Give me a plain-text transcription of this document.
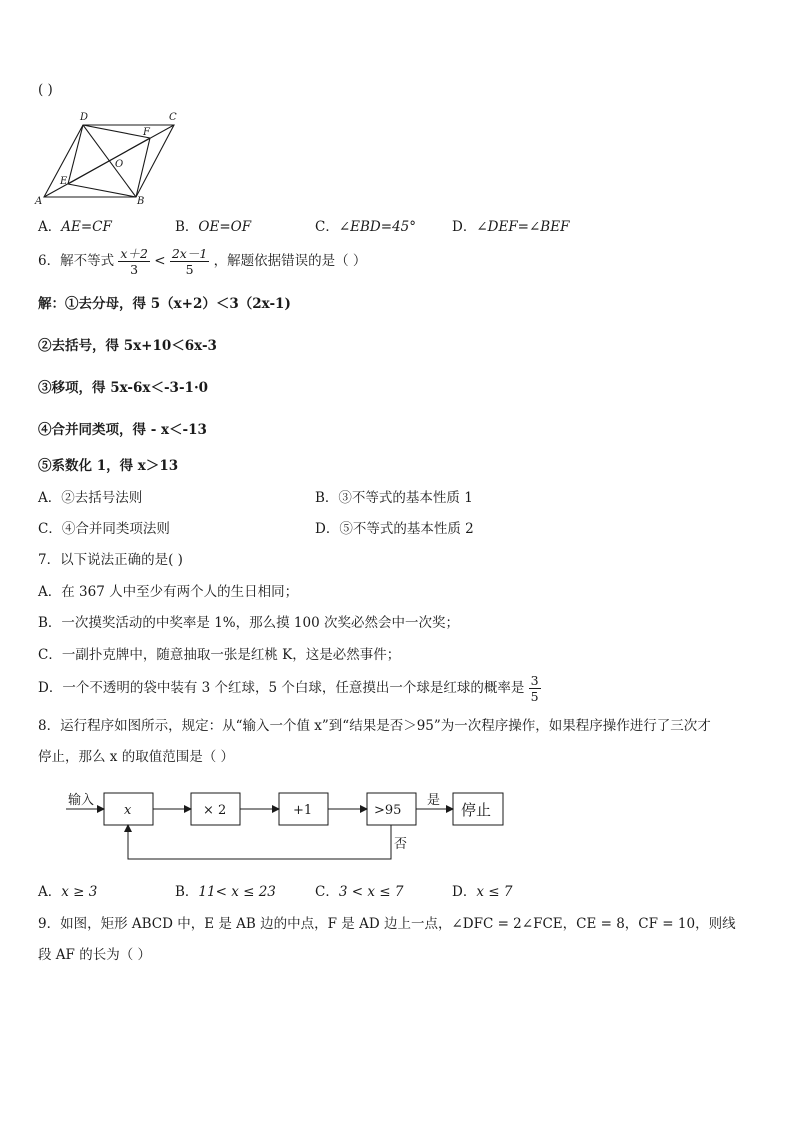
( )
A	B
C
D
E
F
O
A．AE=CF	B．OE=OF	C．∠EBD=45°	D．∠DEF=∠BEF
6．解不等式 $\frac{x+2}{3} < \frac{2x-1}{5}$ ，解题依据错误的是（ ）
解：①去分母，得 5（x+2）＜3（2x-1)
②去括号，得 5x+10＜6x-3
③移项，得 5x-6x＜-3-1·0
④合并同类项，得 - x＜-13
⑤系数化 1，得 x＞13
A．②去括号法则	B．③不等式的基本性质 1
C．④合并同类项法则	D．⑤不等式的基本性质 2
7．以下说法正确的是( )
A．在 367 人中至少有两个人的生日相同；
B．一次摸奖活动的中奖率是 1%，那么摸 100 次奖必然会中一次奖；
C．一副扑克牌中，随意抽取一张是红桃 K，这是必然事件；
D．一个不透明的袋中装有 3 个红球，5 个白球，任意摸出一个球是红球的概率是 $\frac{3}{5}$
8．运行程序如图所示，规定：从“输入一个值 x”到“结果是否＞95”为一次程序操作，如果程序操作进行了三次才
停止，那么 x 的取值范围是（ ）
输入
x	× 2	+1	>95
是
停止
否
A．x ≥ 3	B．11< x ≤ 23	C．3 < x ≤ 7	D．x ≤ 7
9．如图，矩形 ABCD 中，E 是 AB 边的中点，F 是 AD 边上一点，∠DFC = 2∠FCE，CE = 8，CF = 10，则线
段 AF 的长为（ ）
